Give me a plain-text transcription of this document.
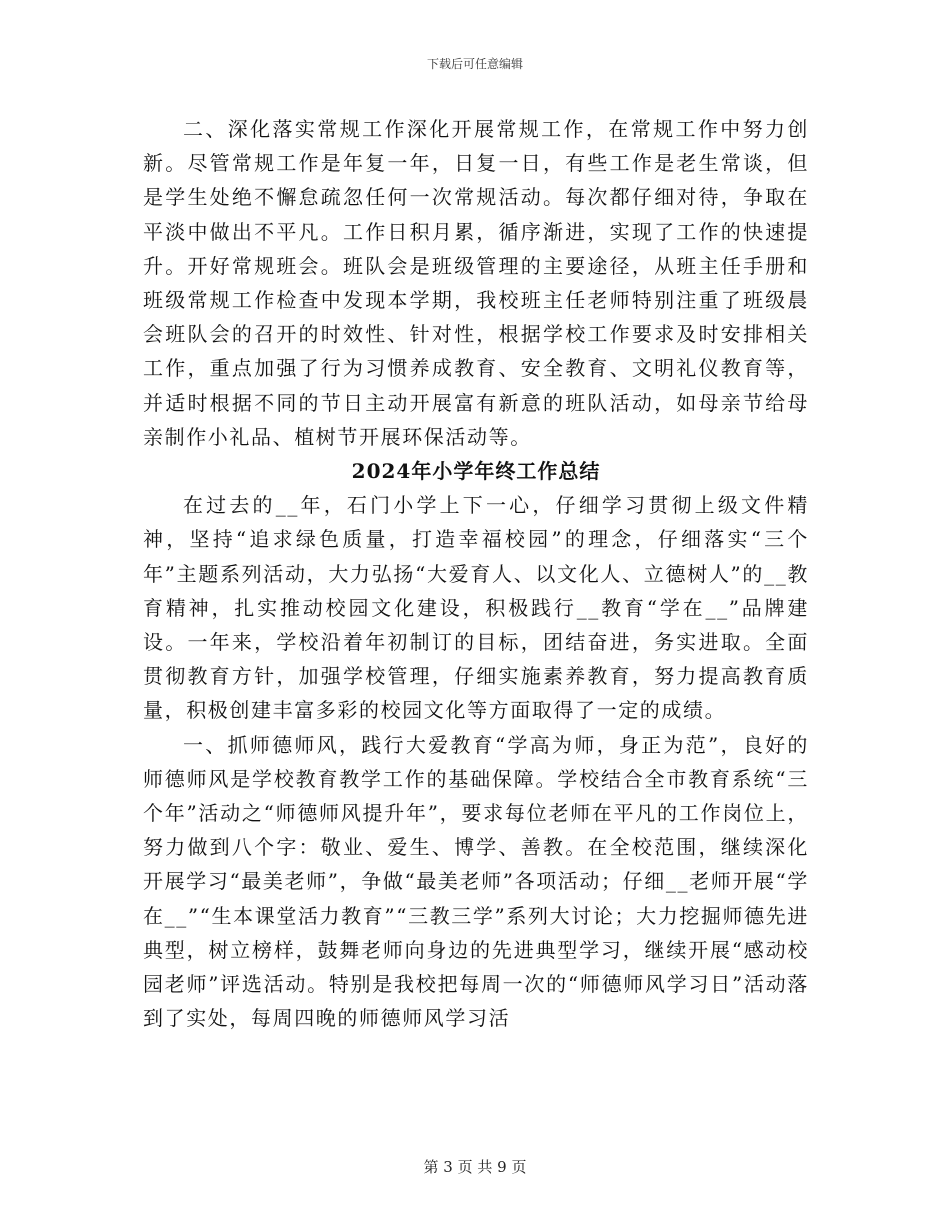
下载后可任意编辑

二、深化落实常规工作深化开展常规工作，在常规工作中努力创新。尽管常规工作是年复一年，日复一日，有些工作是老生常谈，但是学生处绝不懈怠疏忽任何一次常规活动。每次都仔细对待，争取在平淡中做出不平凡。工作日积月累，循序渐进，实现了工作的快速提升。开好常规班会。班队会是班级管理的主要途径，从班主任手册和班级常规工作检查中发现本学期，我校班主任老师特别注重了班级晨会班队会的召开的时效性、针对性，根据学校工作要求及时安排相关工作，重点加强了行为习惯养成教育、安全教育、文明礼仪教育等，并适时根据不同的节日主动开展富有新意的班队活动，如母亲节给母亲制作小礼品、植树节开展环保活动等。

2024年小学年终工作总结

在过去的__年，石门小学上下一心，仔细学习贯彻上级文件精神，坚持“追求绿色质量，打造幸福校园”的理念，仔细落实“三个年”主题系列活动，大力弘扬“大爱育人、以文化人、立德树人”的__教育精神，扎实推动校园文化建设，积极践行__教育“学在__”品牌建设。一年来，学校沿着年初制订的目标，团结奋进，务实进取。全面贯彻教育方针，加强学校管理，仔细实施素养教育，努力提高教育质量，积极创建丰富多彩的校园文化等方面取得了一定的成绩。

一、抓师德师风，践行大爱教育“学高为师，身正为范”，良好的师德师风是学校教育教学工作的基础保障。学校结合全市教育系统“三个年”活动之“师德师风提升年”，要求每位老师在平凡的工作岗位上，努力做到八个字：敬业、爱生、博学、善教。在全校范围，继续深化开展学习“最美老师”，争做“最美老师”各项活动；仔细__老师开展“学在__”“生本课堂活力教育”“三教三学”系列大讨论；大力挖掘师德先进典型，树立榜样，鼓舞老师向身边的先进典型学习，继续开展“感动校园老师”评选活动。特别是我校把每周一次的“师德师风学习日”活动落到了实处，每周四晚的师德师风学习活

第 3 页 共 9 页
